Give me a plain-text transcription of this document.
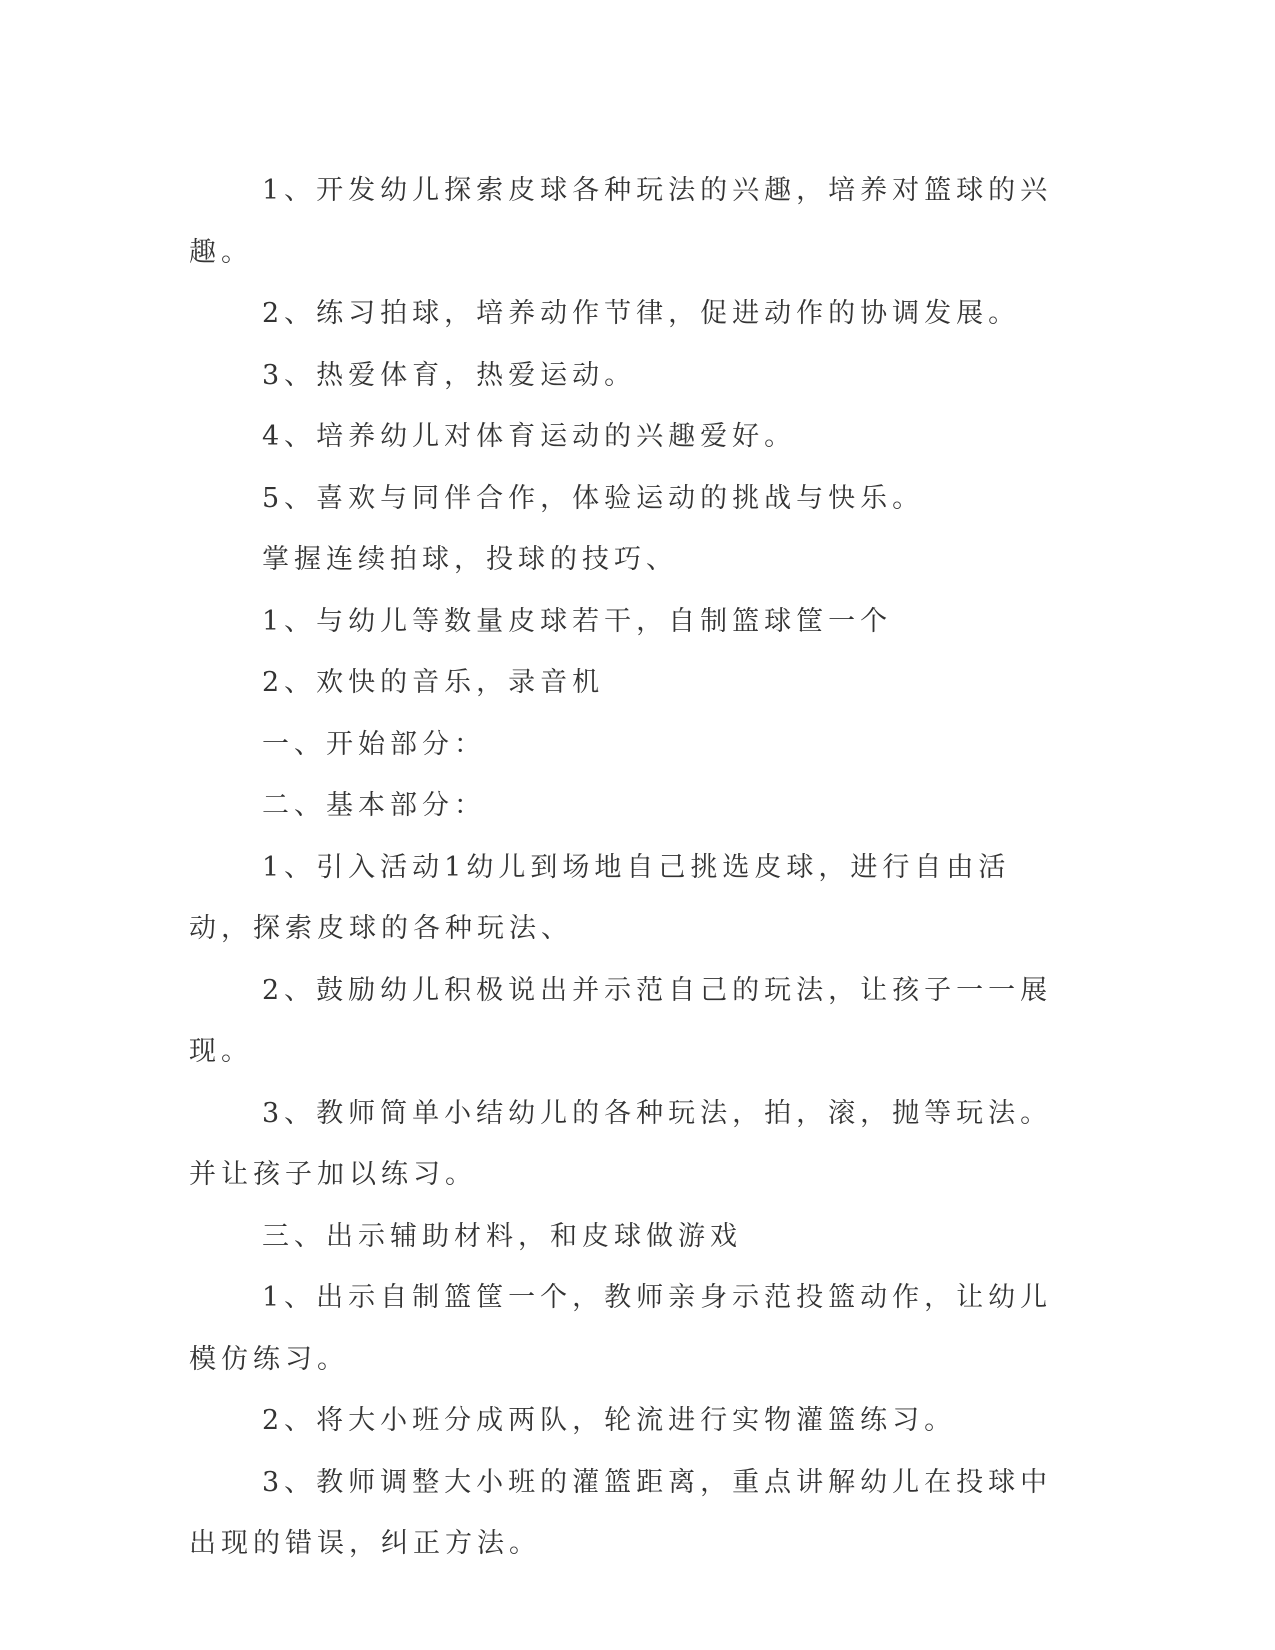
1、开发幼儿探索皮球各种玩法的兴趣，培养对篮球的兴趣。

2、练习拍球，培养动作节律，促进动作的协调发展。

3、热爱体育，热爱运动。

4、培养幼儿对体育运动的兴趣爱好。

5、喜欢与同伴合作，体验运动的挑战与快乐。

掌握连续拍球，投球的技巧、

1、与幼儿等数量皮球若干，自制篮球筐一个

2、欢快的音乐，录音机

一、开始部分：

二、基本部分：

1、引入活动1幼儿到场地自己挑选皮球，进行自由活动，探索皮球的各种玩法、

2、鼓励幼儿积极说出并示范自己的玩法，让孩子一一展现。

3、教师简单小结幼儿的各种玩法，拍，滚，抛等玩法。并让孩子加以练习。

三、出示辅助材料，和皮球做游戏

1、出示自制篮筐一个，教师亲身示范投篮动作，让幼儿模仿练习。

2、将大小班分成两队，轮流进行实物灌篮练习。

3、教师调整大小班的灌篮距离，重点讲解幼儿在投球中出现的错误，纠正方法。
